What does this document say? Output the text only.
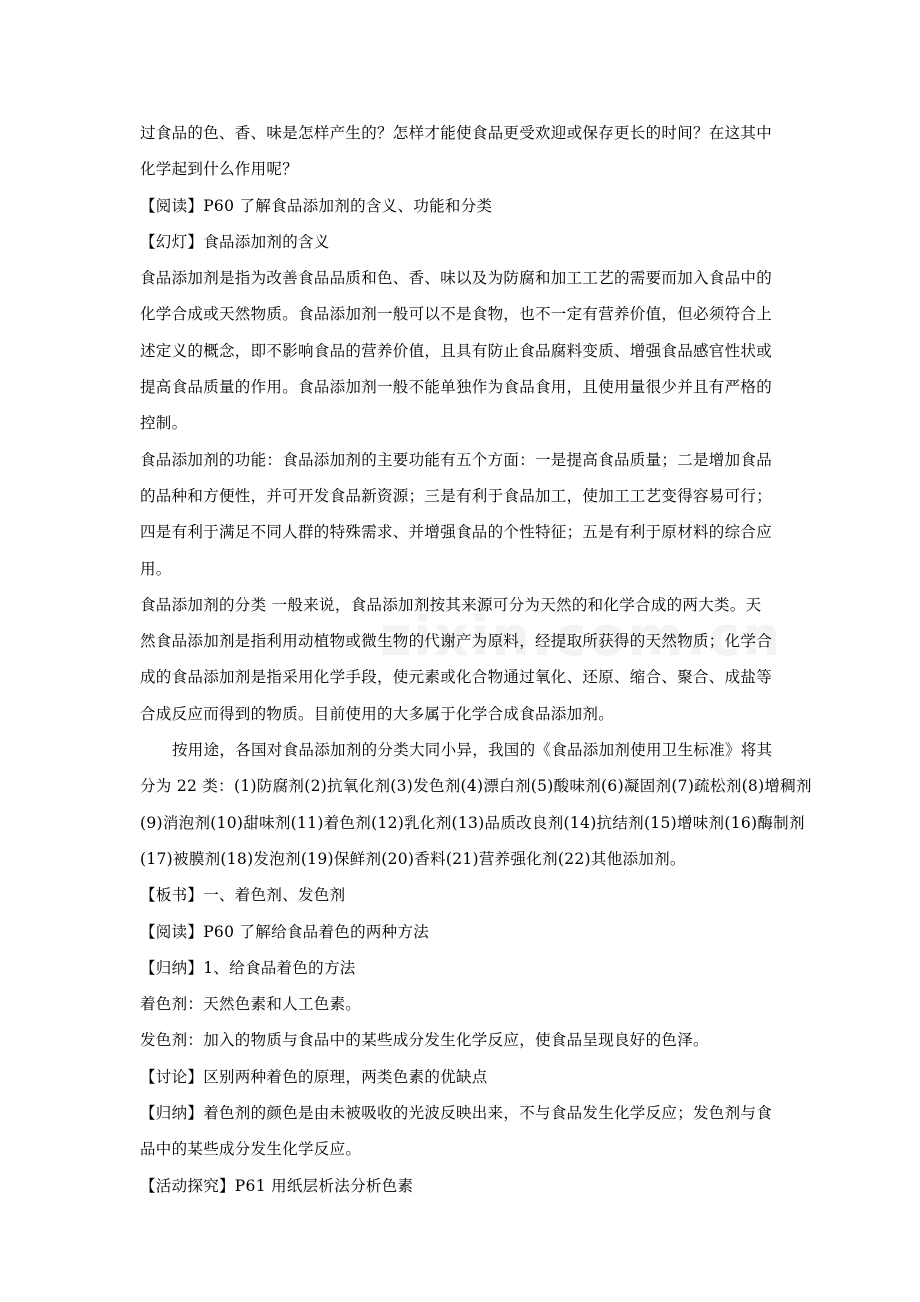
过食品的色、香、味是怎样产生的？怎样才能使食品更受欢迎或保存更长的时间？在这其中
化学起到什么作用呢？
【阅读】P60 了解食品添加剂的含义、功能和分类
【幻灯】食品添加剂的含义
食品添加剂是指为改善食品品质和色、香、味以及为防腐和加工工艺的需要而加入食品中的
化学合成或天然物质。食品添加剂一般可以不是食物，也不一定有营养价值，但必须符合上
述定义的概念，即不影响食品的营养价值，且具有防止食品腐料变质、增强食品感官性状或
提高食品质量的作用。食品添加剂一般不能单独作为食品食用，且使用量很少并且有严格的
控制。
食品添加剂的功能：食品添加剂的主要功能有五个方面：一是提高食品质量；二是增加食品
的品种和方便性，并可开发食品新资源；三是有利于食品加工，使加工工艺变得容易可行；
四是有利于满足不同人群的特殊需求、并增强食品的个性特征；五是有利于原材料的综合应
用。
食品添加剂的分类 一般来说，食品添加剂按其来源可分为天然的和化学合成的两大类。天
然食品添加剂是指利用动植物或微生物的代谢产为原料，经提取所获得的天然物质；化学合
成的食品添加剂是指采用化学手段，使元素或化合物通过氧化、还原、缩合、聚合、成盐等
合成反应而得到的物质。目前使用的大多属于化学合成食品添加剂。
按用途，各国对食品添加剂的分类大同小异，我国的《食品添加剂使用卫生标准》将其
分为 22 类：(1)防腐剂(2)抗氧化剂(3)发色剂(4)漂白剂(5)酸味剂(6)凝固剂(7)疏松剂(8)增稠剂
(9)消泡剂(10)甜味剂(11)着色剂(12)乳化剂(13)品质改良剂(14)抗结剂(15)增味剂(16)酶制剂
(17)被膜剂(18)发泡剂(19)保鲜剂(20)香料(21)营养强化剂(22)其他添加剂。
【板书】一、着色剂、发色剂
【阅读】P60 了解给食品着色的两种方法
【归纳】1、给食品着色的方法
着色剂：天然色素和人工色素。
发色剂：加入的物质与食品中的某些成分发生化学反应，使食品呈现良好的色泽。
【讨论】区别两种着色的原理，两类色素的优缺点
【归纳】着色剂的颜色是由未被吸收的光波反映出来，不与食品发生化学反应；发色剂与食
品中的某些成分发生化学反应。
【活动探究】P61 用纸层析法分析色素
